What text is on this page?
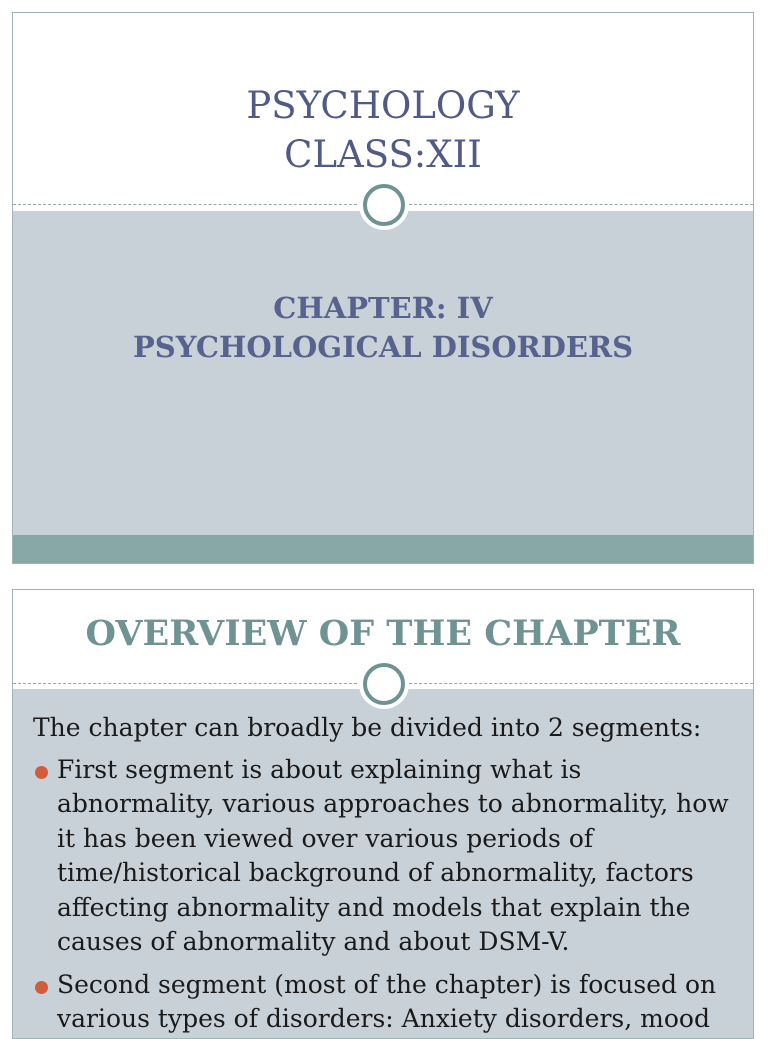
PSYCHOLOGY
CLASS:XII
CHAPTER: IV
PSYCHOLOGICAL DISORDERS
OVERVIEW OF THE CHAPTER

The chapter can broadly be divided into 2 segments:

First segment is about explaining what is abnormality, various approaches to abnormality, how it has been viewed over various periods of time/historical background of abnormality, factors affecting abnormality and models that explain the causes of abnormality and about DSM-V.
Second segment (most of the chapter) is focused on various types of disorders: Anxiety disorders, mood
